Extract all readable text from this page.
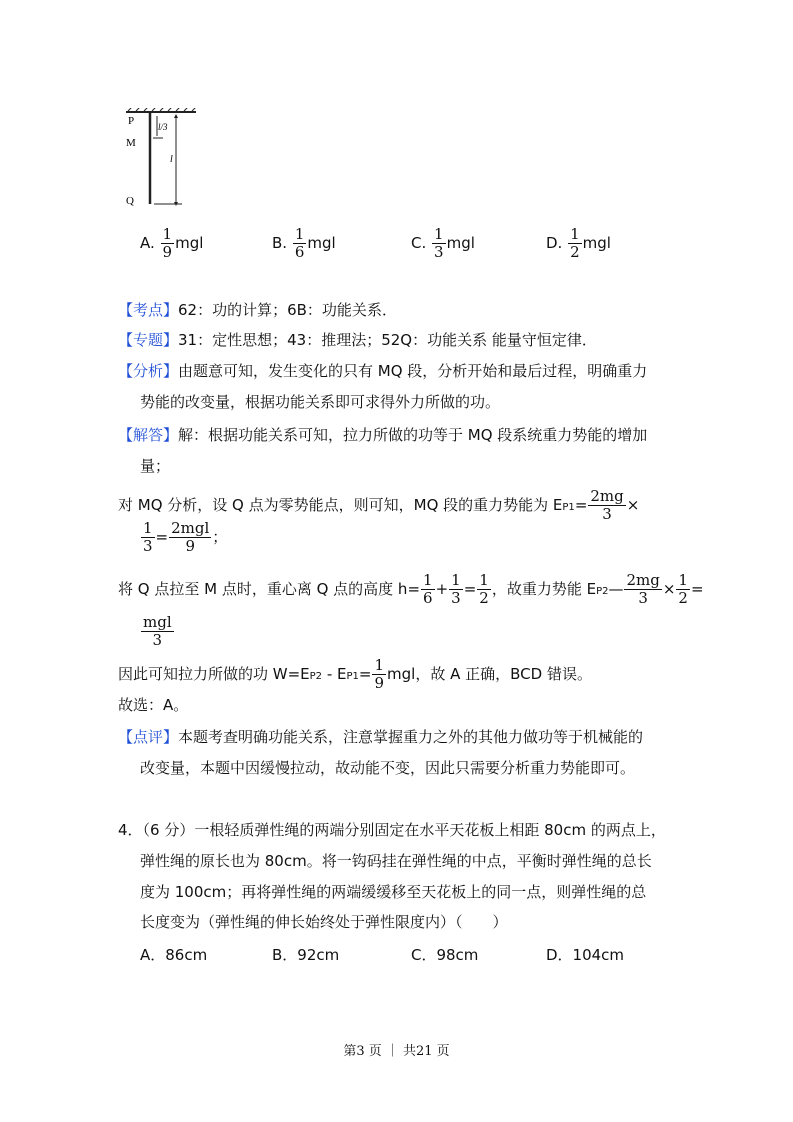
P
M
Q
l/3
l
A. $\frac{1}{9}$ mgl	B. $\frac{1}{6}$ mgl	C. $\frac{1}{3}$ mgl	D. $\frac{1}{2}$ mgl
【考点】62：功的计算；6B：功能关系．
【专题】31：定性思想；43：推理法；52Q：功能关系 能量守恒定律．
【分析】由题意可知，发生变化的只有 MQ 段，分析开始和最后过程，明确重力
势能的改变量，根据功能关系即可求得外力所做的功。
【解答】解：根据功能关系可知，拉力所做的功等于 MQ 段系统重力势能的增加
量；
对 MQ 分析，设 Q 点为零势能点，则可知，MQ 段的重力势能为 $EP1= \frac{2mg}{3}$ ×
$\frac{1}{3} = 2mgl$
9	；
将 Q 点拉至 M 点时，重心离 Q 点的高度 $h= \frac{1}{6} + \frac{1}{3} = \frac{1}{2}$ ，故重力势能 EP2— $\frac{2mg}{3} \times \frac{1}{2}$ =
mgl
3
因此可知拉力所做的功 $W=EP2 - EP1= \frac{1}{9}$ mgl，故 A 正确，BCD 错误。
故选：A。
【点评】本题考查明确功能关系，注意掌握重力之外的其他力做功等于机械能的
改变量，本题中因缓慢拉动，故动能不变，因此只需要分析重力势能即可。
4．（6 分）一根轻质弹性绳的两端分别固定在水平天花板上相距 80cm 的两点上，
弹性绳的原长也为 80cm。将一钩码挂在弹性绳的中点，平衡时弹性绳的总长
度为 100cm；再将弹性绳的两端缓缓移至天花板上的同一点，则弹性绳的总
长度变为（弹性绳的伸长始终处于弹性限度内）（　　）
A．86cm	B．92cm	C．98cm	D．104cm
第3 页 ｜ 共21 页
